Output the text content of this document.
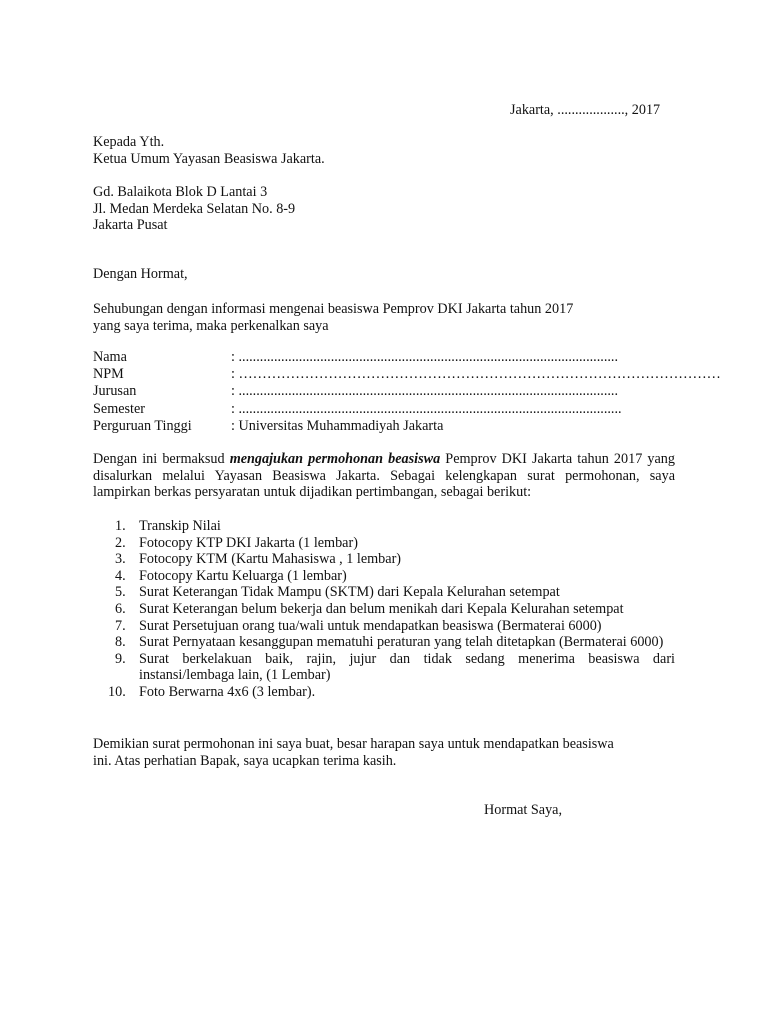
Jakarta, ..................., 2017
Kepada Yth.
Ketua Umum Yayasan Beasiswa Jakarta.
Gd. Balaikota Blok D Lantai 3
Jl. Medan Merdeka Selatan No. 8-9
Jakarta Pusat
Dengan Hormat,
Sehubungan dengan informasi mengenai beasiswa Pemprov DKI Jakarta tahun 2017
yang saya terima, maka perkenalkan saya
Nama	: ...........................................................................................................
NPM	: …………………………………………………………………………………………
Jurusan	: ...........................................................................................................
Semester	: ............................................................................................................
Perguruan Tinggi	: Universitas Muhammadiyah Jakarta

Dengan ini bermaksud mengajukan permohonan beasiswa Pemprov DKI Jakarta tahun 2017 yang disalurkan melalui Yayasan Beasiswa Jakarta. Sebagai kelengkapan surat permohonan, saya lampirkan berkas persyaratan untuk dijadikan pertimbangan, sebagai berikut:

1. Transkip Nilai
2. Fotocopy KTP DKI Jakarta (1 lembar)
3. Fotocopy KTM (Kartu Mahasiswa , 1 lembar)
4. Fotocopy Kartu Keluarga (1 lembar)
5. Surat Keterangan Tidak Mampu (SKTM) dari Kepala Kelurahan setempat
6. Surat Keterangan belum bekerja dan belum menikah dari Kepala Kelurahan setempat
7. Surat Persetujuan orang tua/wali untuk mendapatkan beasiswa (Bermaterai 6000)
8. Surat Pernyataan kesanggupan mematuhi peraturan yang telah ditetapkan (Bermaterai 6000)
9. Surat berkelakuan baik, rajin, jujur dan tidak sedang menerima beasiswa dari instansi/lembaga lain, (1 Lembar)
10. Foto Berwarna 4x6 (3 lembar).
Demikian surat permohonan ini saya buat, besar harapan saya untuk mendapatkan beasiswa
ini. Atas perhatian Bapak, saya ucapkan terima kasih.
Hormat Saya,
